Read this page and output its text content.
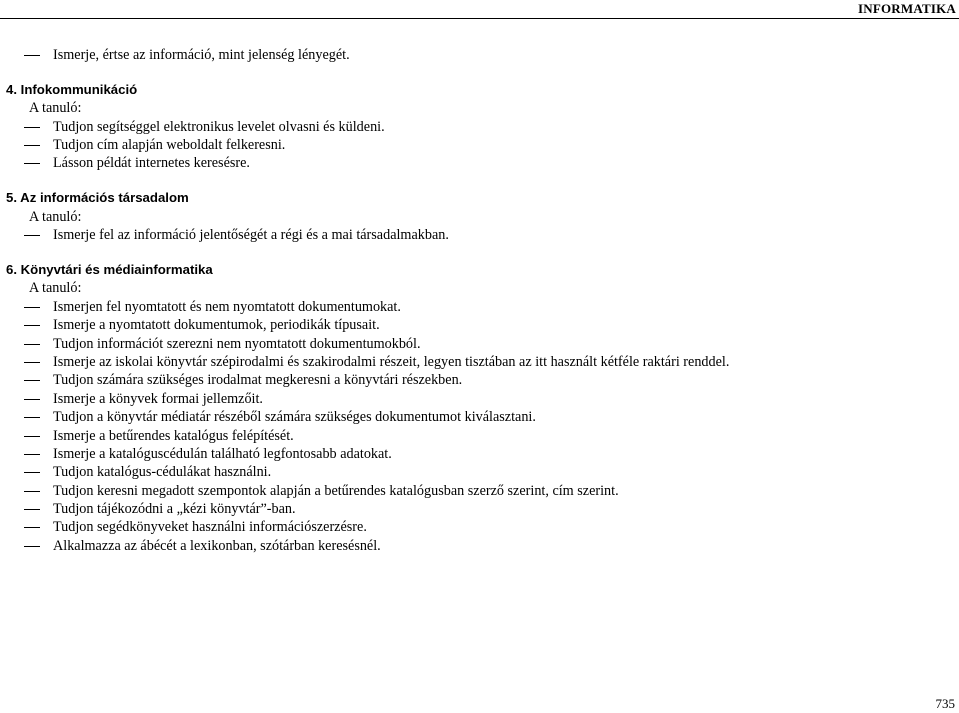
INFORMATIKA
Ismerje, értse az információ, mint jelenség lényegét.
4. Infokommunikáció
A tanuló:
Tudjon segítséggel elektronikus levelet olvasni és küldeni.
Tudjon cím alapján weboldalt felkeresni.
Lásson példát internetes keresésre.
5. Az információs társadalom
A tanuló:
Ismerje fel az információ jelentőségét a régi és a mai társadalmakban.
6. Könyvtári és médiainformatika
A tanuló:
Ismerjen fel nyomtatott és nem nyomtatott dokumentumokat.
Ismerje a nyomtatott dokumentumok, periodikák típusait.
Tudjon információt szerezni nem nyomtatott dokumentumokból.
Ismerje az iskolai könyvtár szépirodalmi és szakirodalmi részeit, legyen tisztában az itt használt kétféle raktári renddel.
Tudjon számára szükséges irodalmat megkeresni a könyvtári részekben.
Ismerje a könyvek formai jellemzőit.
Tudjon a könyvtár médiatár részéből számára szükséges dokumentumot kiválasztani.
Ismerje a betűrendes katalógus felépítését.
Ismerje a katalóguscédulán található legfontosabb adatokat.
Tudjon katalógus-cédulákat használni.
Tudjon keresni megadott szempontok alapján a betűrendes katalógusban szerző szerint, cím szerint.
Tudjon tájékozódni a „kézi könyvtár”-ban.
Tudjon segédkönyveket használni információszerzésre.
Alkalmazza az ábécét a lexikonban, szótárban keresésnél.
735
